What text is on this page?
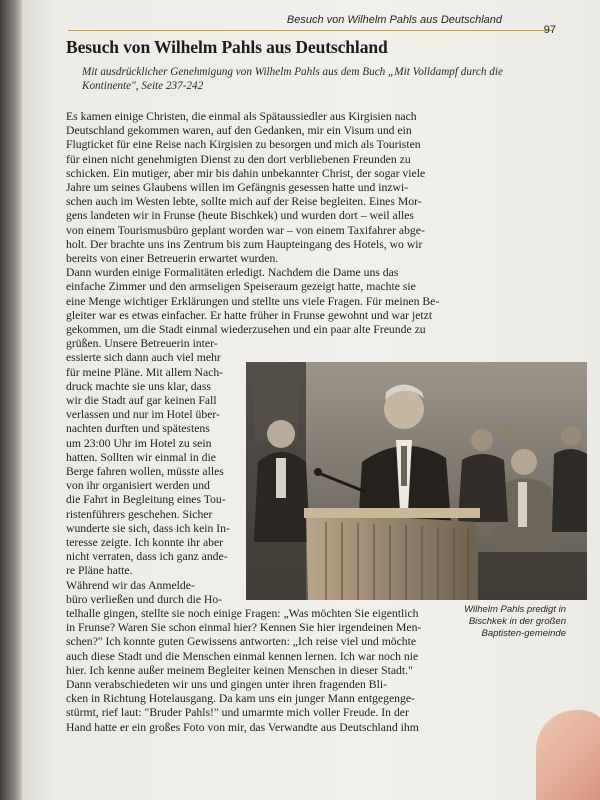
Besuch von Wilhelm Pahls aus Deutschland
97
Besuch von Wilhelm Pahls aus Deutschland
Mit ausdrücklicher Genehmigung von Wilhelm Pahls aus dem Buch „Mit Volldampf durch die Kontinente", Seite 237-242
Es kamen einige Christen, die einmal als Spätaussiedler aus Kirgisien nach
Deutschland gekommen waren, auf den Gedanken, mir ein Visum und ein
Flugticket für eine Reise nach Kirgisien zu besorgen und mich als Touristen
für einen nicht genehmigten Dienst zu den dort verbliebenen Freunden zu
schicken. Ein mutiger, aber mir bis dahin unbekannter Christ, der sogar viele
Jahre um seines Glaubens willen im Gefängnis gesessen hatte und inzwi-
schen auch im Westen lebte, sollte mich auf der Reise begleiten. Eines Mor-
gens landeten wir in Frunse (heute Bischkek) und wurden dort – weil alles
von einem Tourismusbüro geplant worden war – von einem Taxifahrer abge-
holt. Der brachte uns ins Zentrum bis zum Haupteingang des Hotels, wo wir
bereits von einer Betreuerin erwartet wurden.
Dann wurden einige Formalitäten erledigt. Nachdem die Dame uns das
einfache Zimmer und den armseligen Speiseraum gezeigt hatte, machte sie
eine Menge wichtiger Erklärungen und stellte uns viele Fragen. Für meinen Be-
gleiter war es etwas einfacher. Er hatte früher in Frunse gewohnt und war jetzt
gekommen, um die Stadt einmal wiederzusehen und ein paar alte Freunde zu
grüßen. Unsere Betreuerin inter-
essierte sich dann auch viel mehr
für meine Pläne. Mit allem Nach-
druck machte sie uns klar, dass
wir die Stadt auf gar keinen Fall
verlassen und nur im Hotel über-
nachten durften und spätestens
um 23:00 Uhr im Hotel zu sein
hatten. Sollten wir einmal in die
Berge fahren wollen, müsste alles
von ihr organisiert werden und
die Fahrt in Begleitung eines Tou-
ristenführers geschehen. Sicher
wunderte sie sich, dass ich kein In-
teresse zeigte. Ich konnte ihr aber
nicht verraten, dass ich ganz ande-
re Pläne hatte.
Während wir das Anmelde-
büro verließen und durch die Ho-
telhalle gingen, stellte sie noch einige Fragen: „Was möchten Sie eigentlich
in Frunse? Waren Sie schon einmal hier? Kennen Sie hier irgendeinen Men-
schen?" Ich konnte guten Gewissens antworten: „Ich reise viel und möchte
auch diese Stadt und die Menschen einmal kennen lernen. Ich war noch nie
hier. Ich kenne außer meinem Begleiter keinen Menschen in dieser Stadt."
Dann verabschiedeten wir uns und gingen unter ihren fragenden Bli-
cken in Richtung Hotelausgang. Da kam uns ein junger Mann entgegenge-
stürmt, rief laut: "Bruder Pahls!" und umarmte mich voller Freude. In der
Hand hatte er ein großes Foto von mir, das Verwandte aus Deutschland ihm
Wilhelm Pahls predigt in Bischkek in der großen Baptisten-gemeinde
